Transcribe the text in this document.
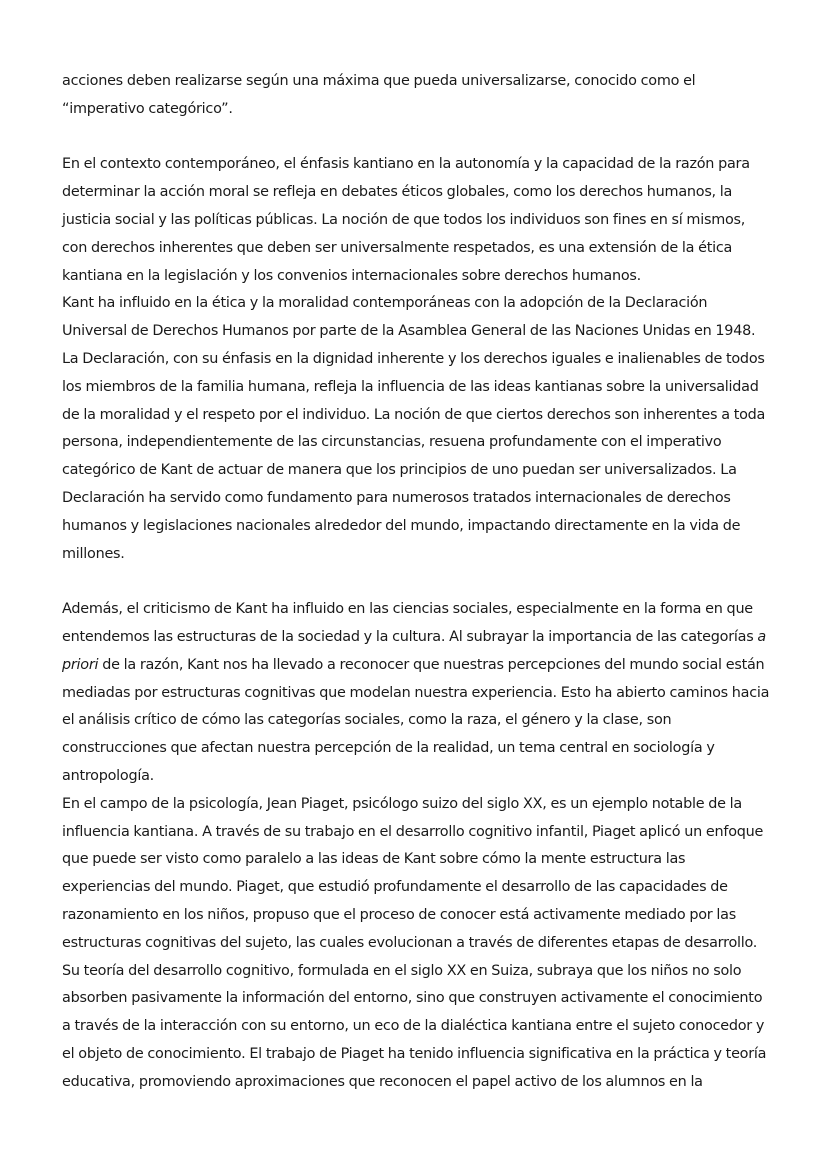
acciones deben realizarse según una máxima que pueda universalizarse, conocido como el “imperativo categórico”.

En el contexto contemporáneo, el énfasis kantiano en la autonomía y la capacidad de la razón para determinar la acción moral se refleja en debates éticos globales, como los derechos humanos, la justicia social y las políticas públicas. La noción de que todos los individuos son fines en sí mismos, con derechos inherentes que deben ser universalmente respetados, es una extensión de la ética kantiana en la legislación y los convenios internacionales sobre derechos humanos.

Kant ha influido en la ética y la moralidad contemporáneas con la adopción de la Declaración Universal de Derechos Humanos por parte de la Asamblea General de las Naciones Unidas en 1948. La Declaración, con su énfasis en la dignidad inherente y los derechos iguales e inalienables de todos los miembros de la familia humana, refleja la influencia de las ideas kantianas sobre la universalidad de la moralidad y el respeto por el individuo. La noción de que ciertos derechos son inherentes a toda persona, independientemente de las circunstancias, resuena profundamente con el imperativo categórico de Kant de actuar de manera que los principios de uno puedan ser universalizados. La Declaración ha servido como fundamento para numerosos tratados internacionales de derechos humanos y legislaciones nacionales alrededor del mundo, impactando directamente en la vida de millones.

Además, el criticismo de Kant ha influido en las ciencias sociales, especialmente en la forma en que entendemos las estructuras de la sociedad y la cultura. Al subrayar la importancia de las categorías a priori de la razón, Kant nos ha llevado a reconocer que nuestras percepciones del mundo social están mediadas por estructuras cognitivas que modelan nuestra experiencia. Esto ha abierto caminos hacia el análisis crítico de cómo las categorías sociales, como la raza, el género y la clase, son construcciones que afectan nuestra percepción de la realidad, un tema central en sociología y antropología.

En el campo de la psicología, Jean Piaget, psicólogo suizo del siglo XX, es un ejemplo notable de la influencia kantiana. A través de su trabajo en el desarrollo cognitivo infantil, Piaget aplicó un enfoque que puede ser visto como paralelo a las ideas de Kant sobre cómo la mente estructura las experiencias del mundo. Piaget, que estudió profundamente el desarrollo de las capacidades de razonamiento en los niños, propuso que el proceso de conocer está activamente mediado por las estructuras cognitivas del sujeto, las cuales evolucionan a través de diferentes etapas de desarrollo. Su teoría del desarrollo cognitivo, formulada en el siglo XX en Suiza, subraya que los niños no solo absorben pasivamente la información del entorno, sino que construyen activamente el conocimiento a través de la interacción con su entorno, un eco de la dialéctica kantiana entre el sujeto conocedor y el objeto de conocimiento. El trabajo de Piaget ha tenido influencia significativa en la práctica y teoría educativa, promoviendo aproximaciones que reconocen el papel activo de los alumnos en la
